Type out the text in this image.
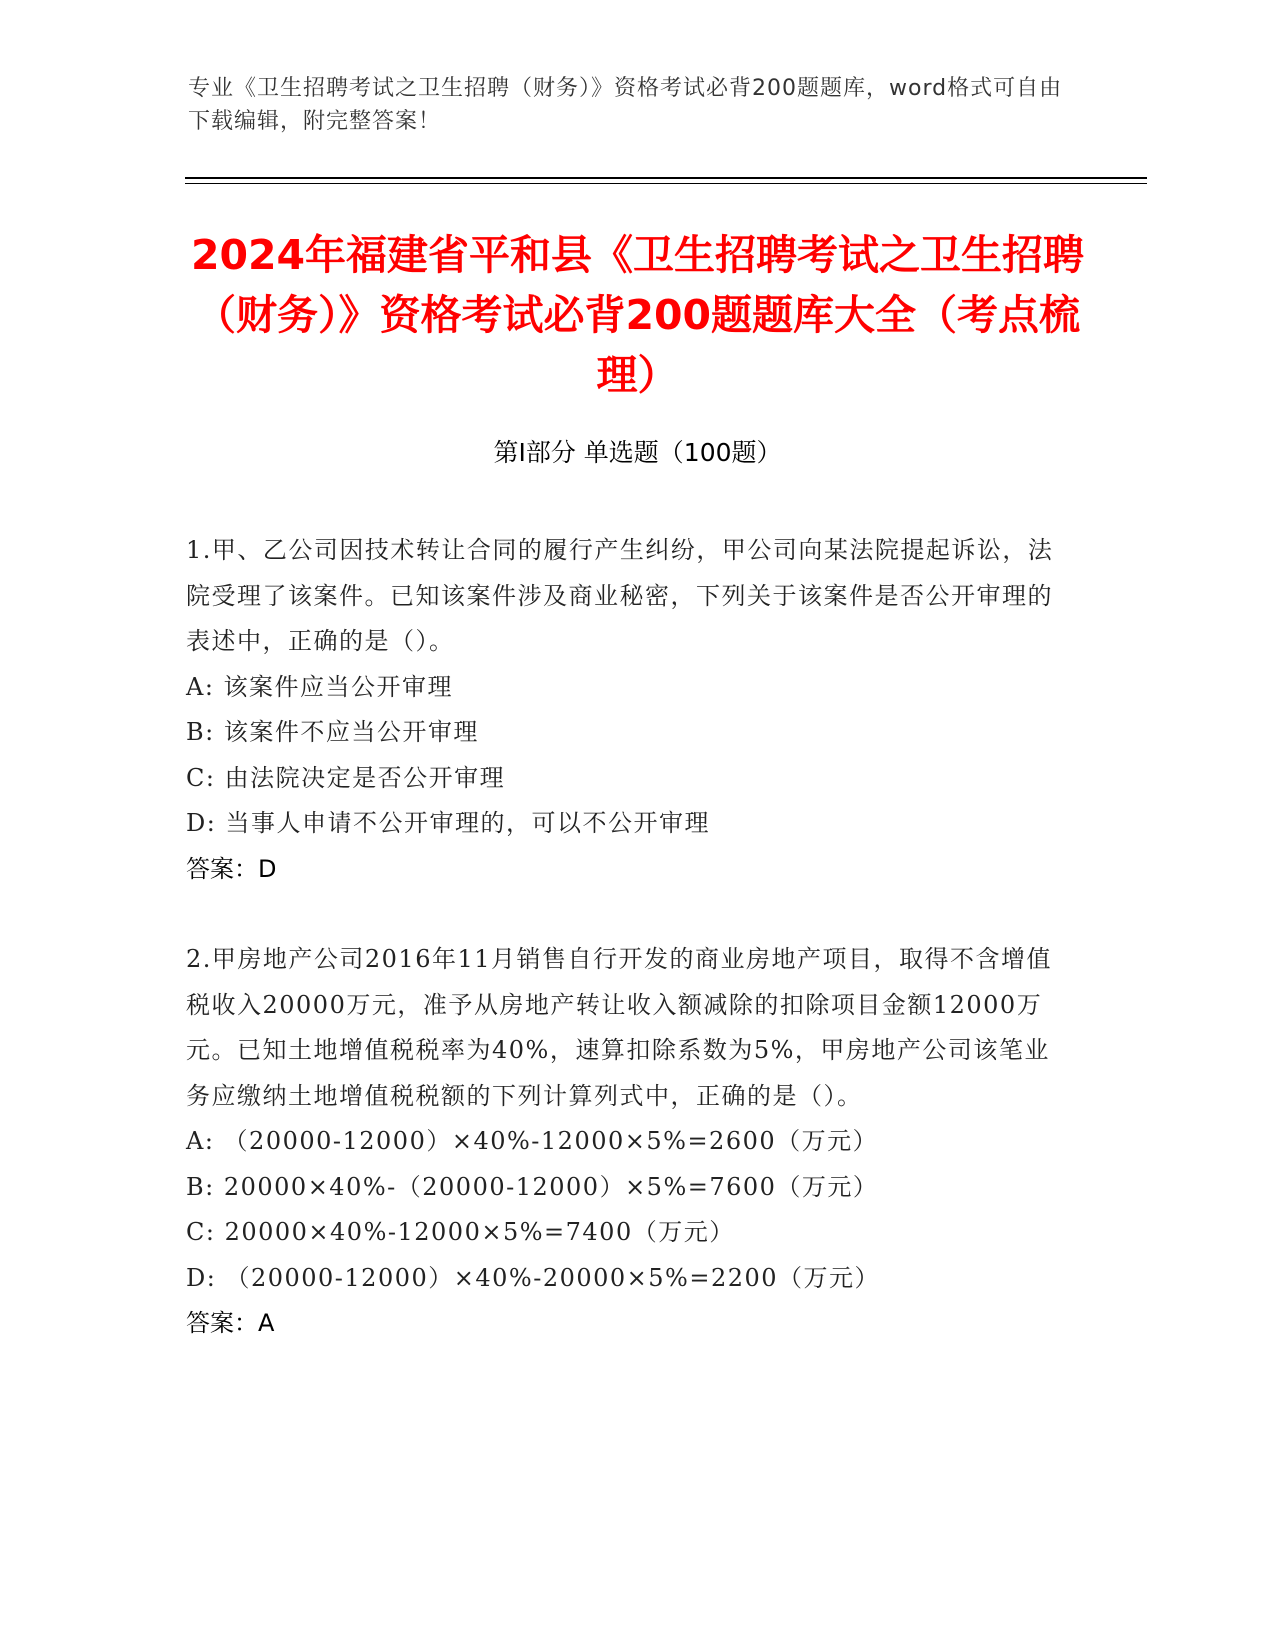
专业《卫生招聘考试之卫生招聘（财务）》资格考试必背200题题库，word格式可自由下载编辑，附完整答案！
2024年福建省平和县《卫生招聘考试之卫生招聘（财务）》资格考试必背200题题库大全（考点梳理）
第Ⅰ部分 单选题（100题）

1.甲、乙公司因技术转让合同的履行产生纠纷，甲公司向某法院提起诉讼，法院受理了该案件。已知该案件涉及商业秘密，下列关于该案件是否公开审理的表述中，正确的是（）。

A: 该案件应当公开审理
B: 该案件不应当公开审理
C: 由法院决定是否公开审理
D: 当事人申请不公开审理的，可以不公开审理

答案：D

2.甲房地产公司2016年11月销售自行开发的商业房地产项目，取得不含增值税收入20000万元，准予从房地产转让收入额减除的扣除项目金额12000万元。已知土地增值税税率为40%，速算扣除系数为5%，甲房地产公司该笔业务应缴纳土地增值税税额的下列计算列式中，正确的是（）。

A: （20000-12000）×40%-12000×5%=2600（万元）
B: 20000×40%-（20000-12000）×5%=7600（万元）
C: 20000×40%-12000×5%=7400（万元）
D: （20000-12000）×40%-20000×5%=2200（万元）

答案：A
